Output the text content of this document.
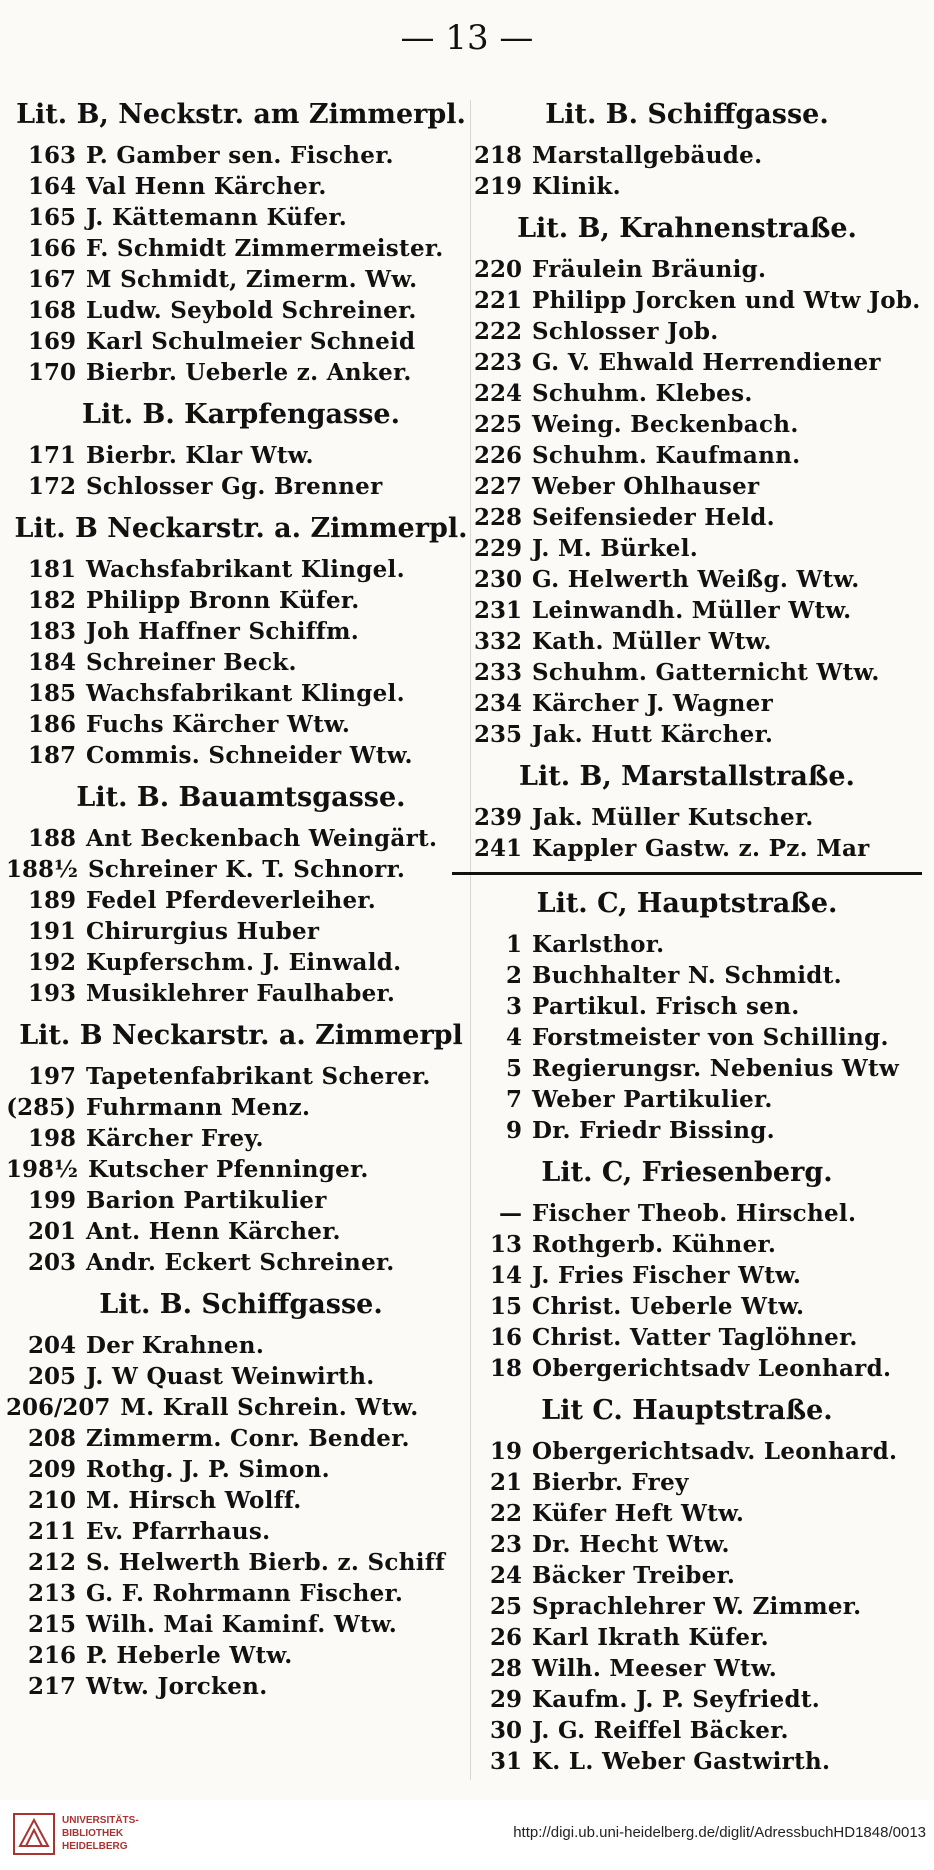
— 13 —
Lit. B, Neckstr. am Zimmerpl.
163 P. Gamber sen. Fischer.
164 Val Henn Kärcher.
165 J. Kättemann Küfer.
166 F. Schmidt Zimmermeister.
167 M Schmidt, Zimerm. Ww.
168 Ludw. Seybold Schreiner.
169 Karl Schulmeier Schneid
170 Bierbr. Ueberle z. Anker.
Lit. B. Karpfengasse.
171 Bierbr. Klar Wtw.
172 Schlosser Gg. Brenner
Lit. B Neckarstr. a. Zimmerpl.
181 Wachsfabrikant Klingel.
182 Philipp Bronn Küfer.
183 Joh Haffner Schiffm.
184 Schreiner Beck.
185 Wachsfabrikant Klingel.
186 Fuchs Kärcher Wtw.
187 Commis. Schneider Wtw.
Lit. B. Bauamtsgasse.
188 Ant Beckenbach Weingärt.
188½ Schreiner K. T. Schnorr.
189 Fedel Pferdeverleiher.
191 Chirurgius Huber
192 Kupferschm. J. Einwald.
193 Musiklehrer Faulhaber.
Lit. B Neckarstr. a. Zimmerpl
197 Tapetenfabrikant Scherer.
(285) Fuhrmann Menz.
198 Kärcher Frey.
198½ Kutscher Pfenninger.
199 Barion Partikulier
201 Ant. Henn Kärcher.
203 Andr. Eckert Schreiner.
Lit. B. Schiffgasse.
204 Der Krahnen.
205 J. W Quast Weinwirth.
206/207 M. Krall Schrein. Wtw.
208 Zimmerm. Conr. Bender.
209 Rothg. J. P. Simon.
210 M. Hirsch Wolff.
211 Ev. Pfarrhaus.
212 S. Helwerth Bierb. z. Schiff
213 G. F. Rohrmann Fischer.
215 Wilh. Mai Kaminf. Wtw.
216 P. Heberle Wtw.
217 Wtw. Jorcken.
Lit. B. Schiffgasse.
218 Marstallgebäude.
219 Klinik.
Lit. B, Krahnenstraße.
220 Fräulein Bräunig.
221 Philipp Jorcken und Wtw Job.
222 Schlosser Job.
223 G. V. Ehwald Herrendiener
224 Schuhm. Klebes.
225 Weing. Beckenbach.
226 Schuhm. Kaufmann.
227 Weber Ohlhauser
228 Seifensieder Held.
229 J. M. Bürkel.
230 G. Helwerth Weißg. Wtw.
231 Leinwandh. Müller Wtw.
332 Kath. Müller Wtw.
233 Schuhm. Gatternicht Wtw.
234 Kärcher J. Wagner
235 Jak. Hutt Kärcher.
Lit. B, Marstallstraße.
239 Jak. Müller Kutscher.
241 Kappler Gastw. z. Pz. Mar
Lit. C, Hauptstraße.
1 Karlsthor.
2 Buchhalter N. Schmidt.
3 Partikul. Frisch sen.
4 Forstmeister von Schilling.
5 Regierungsr. Nebenius Wtw
7 Weber Partikulier.
9 Dr. Friedr Bissing.
Lit. C, Friesenberg.
— Fischer Theob. Hirschel.
13 Rothgerb. Kühner.
14 J. Fries Fischer Wtw.
15 Christ. Ueberle Wtw.
16 Christ. Vatter Taglöhner.
18 Obergerichtsadv Leonhard.
Lit C. Hauptstraße.
19 Obergerichtsadv. Leonhard.
21 Bierbr. Frey
22 Küfer Heft Wtw.
23 Dr. Hecht Wtw.
24 Bäcker Treiber.
25 Sprachlehrer W. Zimmer.
26 Karl Ikrath Küfer.
28 Wilh. Meeser Wtw.
29 Kaufm. J. P. Seyfriedt.
30 J. G. Reiffel Bäcker.
31 K. L. Weber Gastwirth.
UNIVERSITÄTS-
BIBLIOTHEK
HEIDELBERG
http://digi.ub.uni-heidelberg.de/diglit/AdressbuchHD1848/0013
